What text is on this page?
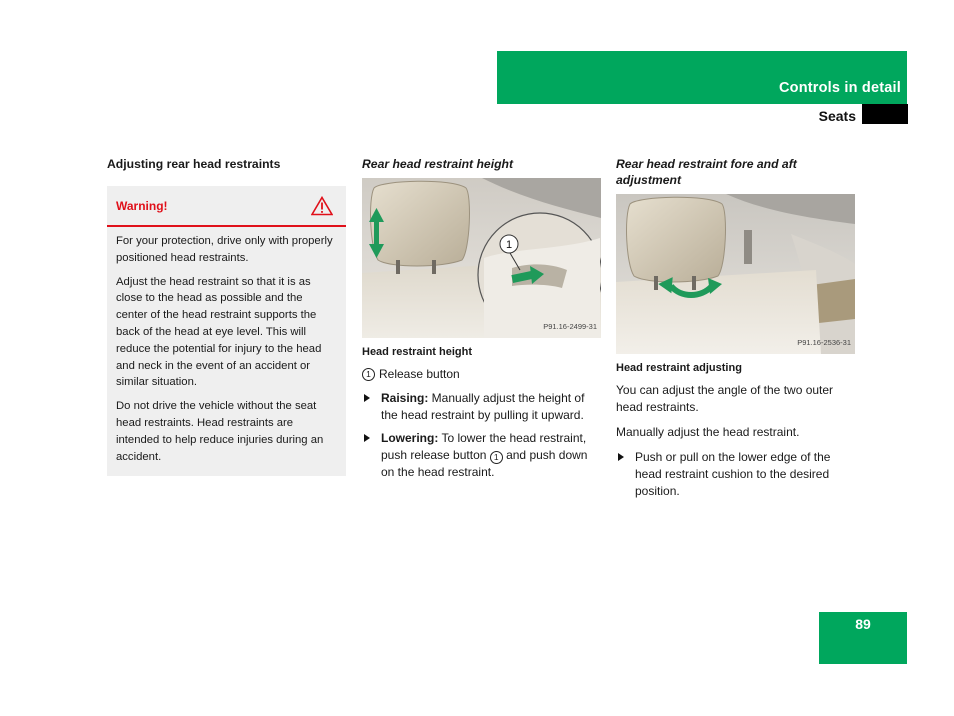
Controls in detail
Seats
Adjusting rear head restraints
Warning!

For your protection, drive only with properly positioned head restraints.

Adjust the head restraint so that it is as close to the head as possible and the center of the head restraint supports the back of the head at eye level. This will reduce the potential for injury to the head and neck in the event of an accident or similar situation.

Do not drive the vehicle without the seat head restraints. Head restraints are intended to help reduce injuries during an accident.

Rear head restraint height
1
P91.16-2499-31
Head restraint height
1 Release button
Raising: Manually adjust the height of the head restraint by pulling it upward.
Lowering: To lower the head restraint, push release button 1 and push down on the head restraint.
Rear head restraint fore and aft adjustment
P91.16-2536-31
Head restraint adjusting

You can adjust the angle of the two outer head restraints.

Manually adjust the head restraint.

Push or pull on the lower edge of the head restraint cushion to the desired position.
89
